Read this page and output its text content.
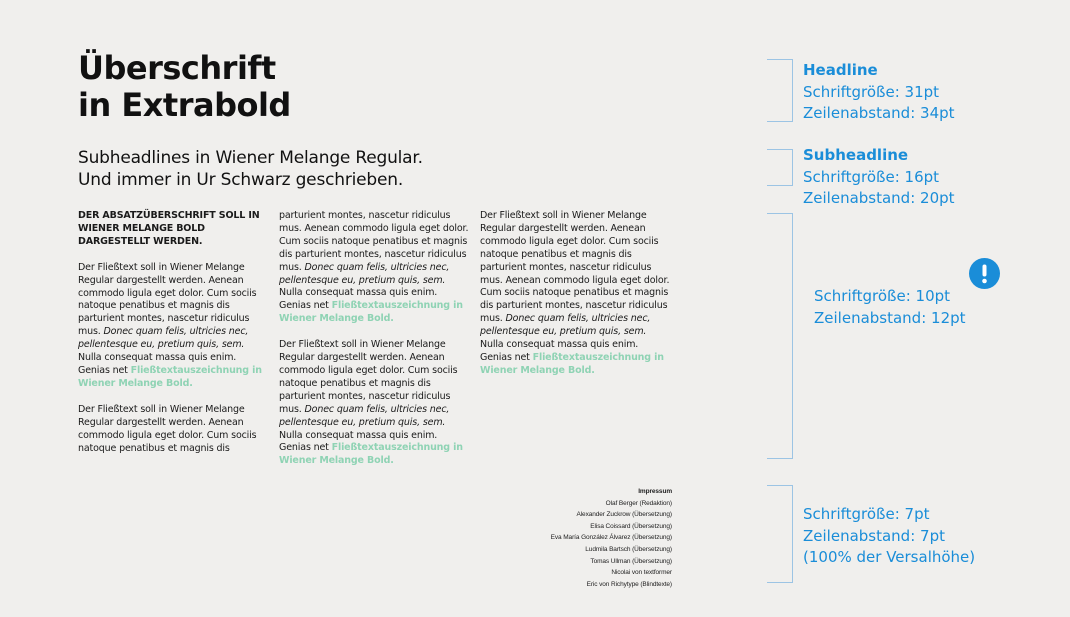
Überschrift
in Extrabold
Subheadlines in Wiener Melange Regular.
Und immer in Ur Schwarz geschrieben.

DER ABSATZÜBERSCHRIFT SOLL IN WIENER MELANGE BOLD DARGESTELLT WERDEN.

Der Fließtext soll in Wiener Melange Regular dargestellt werden. Aenean commodo ligula eget dolor. Cum sociis natoque penatibus et magnis dis parturient montes, nascetur ridiculus mus. Donec quam felis, ultricies nec, pellentesque eu, pretium quis, sem. Nulla consequat massa quis enim. Genias net Fließtextauszeichnung in Wiener Melange Bold.

Der Fließtext soll in Wiener Melange Regular dargestellt werden. Aenean commodo ligula eget dolor. Cum sociis natoque penatibus et magnis dis

parturient montes, nascetur ridiculus mus. Aenean commodo ligula eget dolor. Cum sociis natoque penatibus et magnis dis parturient montes, nascetur ridiculus mus. Donec quam felis, ultricies nec, pellentesque eu, pretium quis, sem. Nulla consequat massa quis enim. Genias net Fließtextauszeichnung in Wiener Melange Bold.

Der Fließtext soll in Wiener Melange Regular dargestellt werden. Aenean commodo ligula eget dolor. Cum sociis natoque penatibus et magnis dis parturient montes, nascetur ridiculus mus. Donec quam felis, ultricies nec, pellentesque eu, pretium quis, sem. Nulla consequat massa quis enim. Genias net Fließtextauszeichnung in Wiener Melange Bold.

Der Fließtext soll in Wiener Melange Regular dargestellt werden. Aenean commodo ligula eget dolor. Cum sociis natoque penatibus et magnis dis parturient montes, nascetur ridiculus mus. Aenean commodo ligula eget dolor. Cum sociis natoque penatibus et magnis dis parturient montes, nascetur ridiculus mus. Donec quam felis, ultricies nec, pellentesque eu, pretium quis, sem. Nulla consequat massa quis enim. Genias net Fließtextauszeichnung in Wiener Melange Bold.

Impressum
Olaf Berger (Redaktion)
Alexander Zuckrow (Übersetzung)
Elisa Coissard (Übersetzung)
Eva María González Álvarez (Übersetzung)
Ludmila Bartsch (Übersetzung)
Tomas Ullman (Übersetzung)
Nicolai von textformer
Eric von Richytype (Blindtexte)
Headline
Schriftgröße: 31pt
Zeilenabstand: 34pt
Subheadline
Schriftgröße: 16pt
Zeilenabstand: 20pt
Schriftgröße: 10pt
Zeilenabstand: 12pt
Schriftgröße: 7pt
Zeilenabstand: 7pt
(100% der Versalhöhe)
